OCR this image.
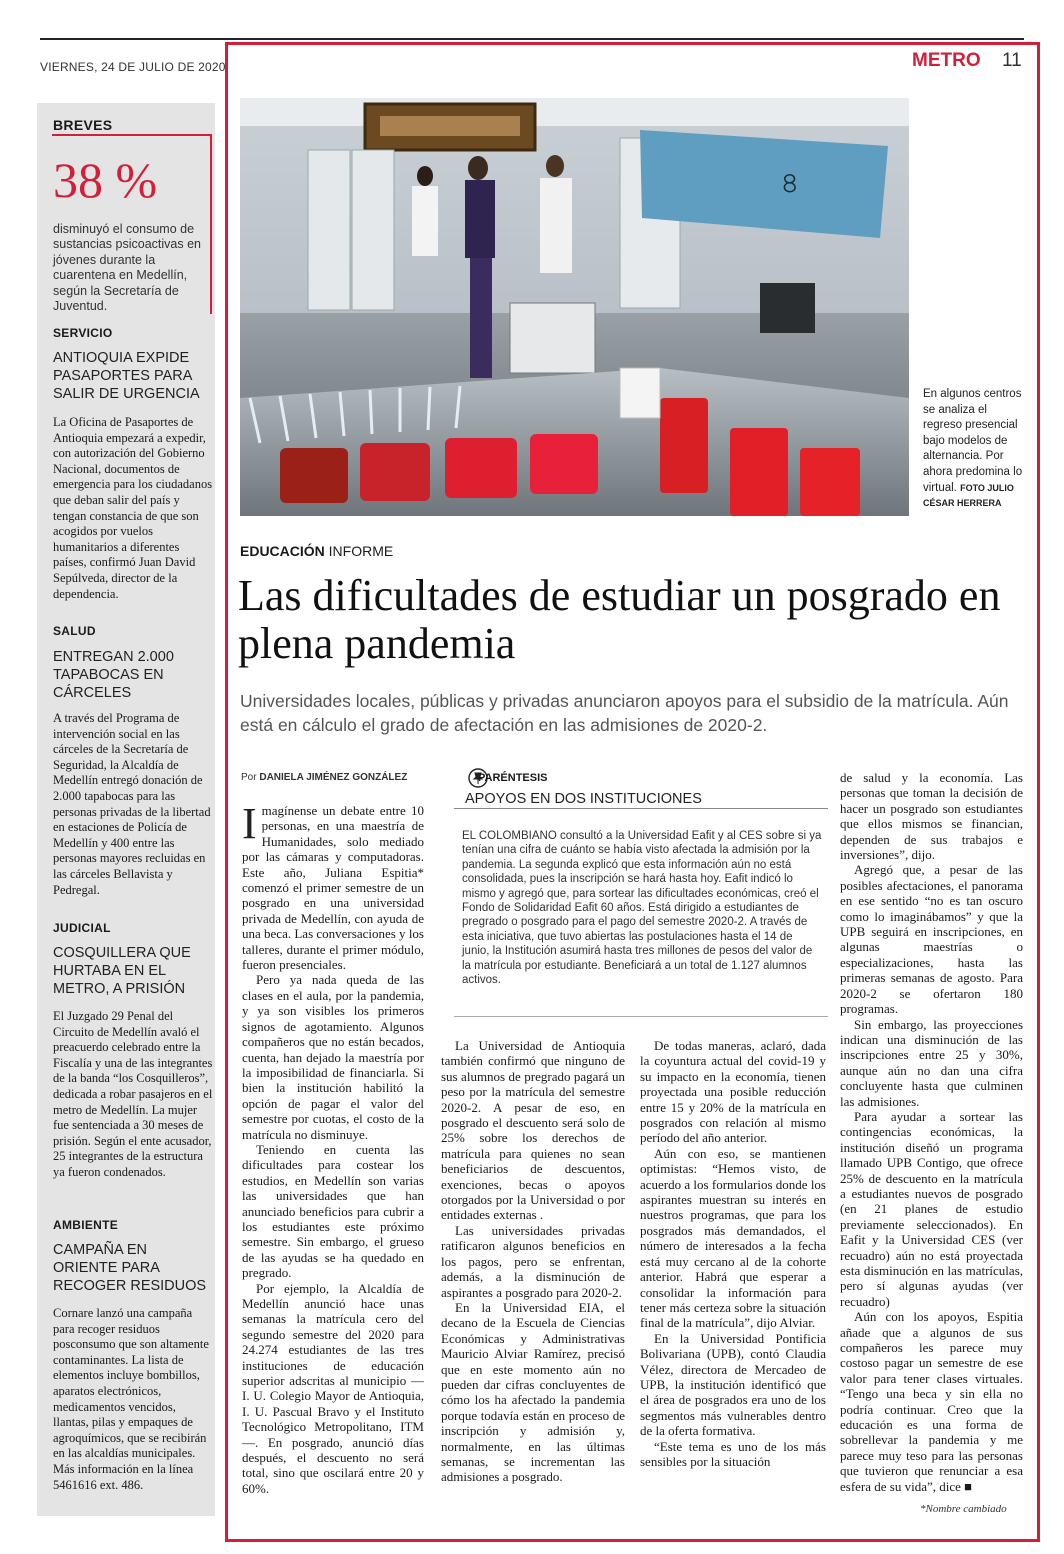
VIERNES, 24 DE JULIO DE 2020	METRO 11
BREVES
38 %
disminuyó el consumo de sustancias psicoactivas en jóvenes durante la cuarentena en Medellín, según la Secretaría de Juventud.
SERVICIO
ANTIOQUIA EXPIDE PASAPORTES PARA SALIR DE URGENCIA
La Oficina de Pasaportes de Antioquia empezará a expedir, con autorización del Gobierno Nacional, documentos de emergencia para los ciudadanos que deban salir del país y tengan constancia de que son acogidos por vuelos humanitarios a diferentes países, confirmó Juan David Sepúlveda, director de la dependencia.
SALUD
ENTREGAN 2.000 TAPABOCAS EN CÁRCELES
A través del Programa de intervención social en las cárceles de la Secretaría de Seguridad, la Alcaldía de Medellín entregó donación de 2.000 tapabocas para las personas privadas de la libertad en estaciones de Policía de Medellín y 400 entre las personas mayores recluidas en las cárceles Bellavista y Pedregal.
JUDICIAL
COSQUILLERA QUE HURTABA EN EL METRO, A PRISIÓN
El Juzgado 29 Penal del Circuito de Medellín avaló el preacuerdo celebrado entre la Fiscalía y una de las integrantes de la banda “los Cosquilleros”, dedicada a robar pasajeros en el metro de Medellín. La mujer fue sentenciada a 30 meses de prisión. Según el ente acusador, 25 integrantes de la estructura ya fueron condenados.
AMBIENTE
CAMPAÑA EN ORIENTE PARA RECOGER RESIDUOS
Cornare lanzó una campaña para recoger residuos posconsumo que son altamente contaminantes. La lista de elementos incluye bombillos, aparatos electrónicos, medicamentos vencidos, llantas, pilas y empaques de agroquímicos, que se recibirán en las alcaldías municipales. Más información en la línea 5461616 ext. 486.
৪
En algunos centros se analiza el regreso presencial bajo modelos de alternancia. Por ahora predomina lo virtual. FOTO JULIO CÉSAR HERRERA
EDUCACIÓN INFORME
Las dificultades de estudiar un posgrado en plena pandemia
Universidades locales, públicas y privadas anunciaron apoyos para el subsidio de la matrícula. Aún está en cálculo el grado de afectación en las admisiones de 2020-2.
Por DANIELA JIMÉNEZ GONZÁLEZ

Imagínense un debate entre 10 personas, en una maestría de Humanidades, solo mediado por las cámaras y computadoras. Este año, Juliana Espitia* comenzó el primer semestre de un posgrado en una universidad privada de Medellín, con ayuda de una beca. Las conversaciones y los talleres, durante el primer módulo, fueron presenciales.

Pero ya nada queda de las clases en el aula, por la pandemia, y ya son visibles los primeros signos de agotamiento. Algunos compañeros que no están becados, cuenta, han dejado la maestría por la imposibilidad de financiarla. Si bien la institución habilitó la opción de pagar el valor del semestre por cuotas, el costo de la matrícula no disminuye.

Teniendo en cuenta las dificultades para costear los estudios, en Medellín son varias las universidades que han anunciado beneficios para cubrir a los estudiantes este próximo semestre. Sin embargo, el grueso de las ayudas se ha quedado en pregrado.

Por ejemplo, la Alcaldía de Medellín anunció hace unas semanas la matrícula cero del segundo semestre del 2020 para 24.274 estudiantes de las tres instituciones de educación superior adscritas al municipio —I. U. Colegio Mayor de Antioquia, I. U. Pascual Bravo y el Instituto Tecnológico Metropolitano, ITM—. En posgrado, anunció días después, el descuento no será total, sino que oscilará entre 20 y 60%.

PARÉNTESIS
APOYOS EN DOS INSTITUCIONES
EL COLOMBIANO consultó a la Universidad Eafit y al CES sobre si ya tenían una cifra de cuánto se había visto afectada la admisión por la pandemia. La segunda explicó que esta información aún no está consolidada, pues la inscripción se hará hasta hoy. Eafit indicó lo mismo y agregó que, para sortear las dificultades económicas, creó el Fondo de Solidaridad Eafit 60 años. Está dirigido a estudiantes de pregrado o posgrado para el pago del semestre 2020-2. A través de esta iniciativa, que tuvo abiertas las postulaciones hasta el 14 de junio, la Institución asumirá hasta tres millones de pesos del valor de la matrícula por estudiante. Beneficiará a un total de 1.127 alumnos activos.

La Universidad de Antioquia también confirmó que ninguno de sus alumnos de pregrado pagará un peso por la matrícula del semestre 2020-2. A pesar de eso, en posgrado el descuento será solo de 25% sobre los derechos de matrícula para quienes no sean beneficiarios de descuentos, exenciones, becas o apoyos otorgados por la Universidad o por entidades externas .

Las universidades privadas ratificaron algunos beneficios en los pagos, pero se enfrentan, además, a la disminución de aspirantes a posgrado para 2020-2.

En la Universidad EIA, el decano de la Escuela de Ciencias Económicas y Administrativas Mauricio Alviar Ramírez, precisó que en este momento aún no pueden dar cifras concluyentes de cómo los ha afectado la pandemia porque todavía están en proceso de inscripción y admisión y, normalmente, en las últimas semanas, se incrementan las admisiones a posgrado.

De todas maneras, aclaró, dada la coyuntura actual del covid-19 y su impacto en la economía, tienen proyectada una posible reducción entre 15 y 20% de la matrícula en posgrados con relación al mismo período del año anterior.

Aún con eso, se mantienen optimistas: “Hemos visto, de acuerdo a los formularios donde los aspirantes muestran su interés en nuestros programas, que para los posgrados más demandados, el número de interesados a la fecha está muy cercano al de la cohorte anterior. Habrá que esperar a consolidar la información para tener más certeza sobre la situación final de la matrícula”, dijo Alviar.

En la Universidad Pontificia Bolivariana (UPB), contó Claudia Vélez, directora de Mercadeo de UPB, la institución identificó que el área de posgrados era uno de los segmentos más vulnerables dentro de la oferta formativa.

“Este tema es uno de los más sensibles por la situación

de salud y la economía. Las personas que toman la decisión de hacer un posgrado son estudiantes que ellos mismos se financian, dependen de sus trabajos e inversiones”, dijo.

Agregó que, a pesar de las posibles afectaciones, el panorama en ese sentido “no es tan oscuro como lo imaginábamos” y que la UPB seguirá en inscripciones, en algunas maestrías o especializaciones, hasta las primeras semanas de agosto. Para 2020-2 se ofertaron 180 programas.

Sin embargo, las proyecciones indican una disminución de las inscripciones entre 25 y 30%, aunque aún no dan una cifra concluyente hasta que culminen las admisiones.

Para ayudar a sortear las contingencias económicas, la institución diseñó un programa llamado UPB Contigo, que ofrece 25% de descuento en la matrícula a estudiantes nuevos de posgrado (en 21 planes de estudio previamente seleccionados). En Eafit y la Universidad CES (ver recuadro) aún no está proyectada esta disminución en las matrículas, pero sí algunas ayudas (ver recuadro)

Aún con los apoyos, Espitia añade que a algunos de sus compañeros les parece muy costoso pagar un semestre de ese valor para tener clases virtuales. “Tengo una beca y sin ella no podría continuar. Creo que la educación es una forma de sobrellevar la pandemia y me parece muy teso para las personas que tuvieron que renunciar a esa esfera de su vida”, dice ■

*Nombre cambiado
